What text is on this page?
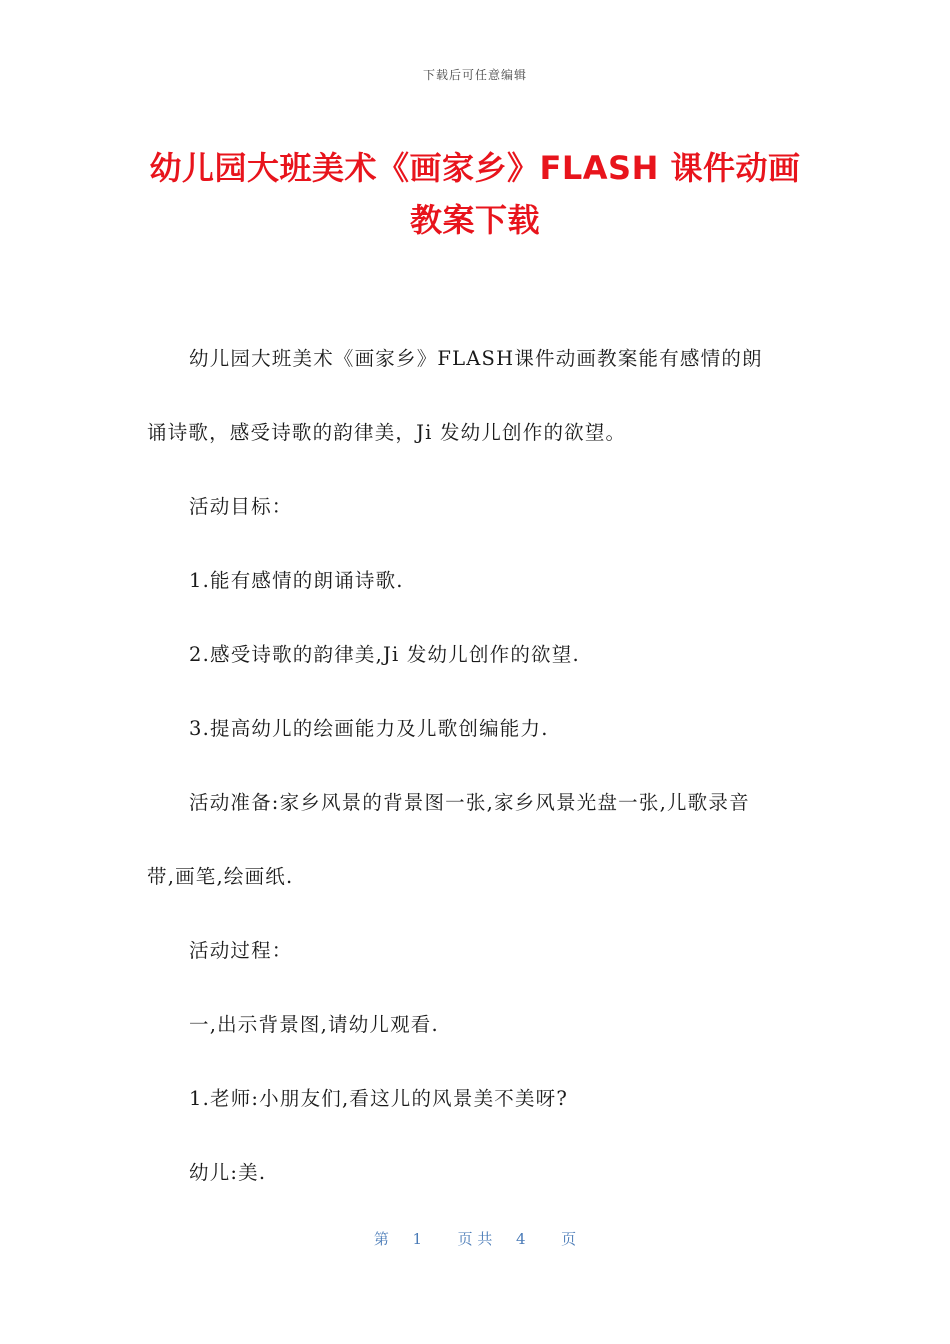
下载后可任意编辑
幼儿园大班美术《画家乡》FLASH 课件动画
教案下载

幼儿园大班美术《画家乡》FLASH课件动画教案能有感情的朗

诵诗歌，感受诗歌的韵律美，Ji 发幼儿创作的欲望。

活动目标：

1.能有感情的朗诵诗歌.

2.感受诗歌的韵律美,Ji 发幼儿创作的欲望.

3.提高幼儿的绘画能力及儿歌创编能力.

活动准备:家乡风景的背景图一张,家乡风景光盘一张,儿歌录音

带,画笔,绘画纸.

活动过程：

一,出示背景图,请幼儿观看.

1.老师:小朋友们,看这儿的风景美不美呀?

幼儿:美.

第 1 页 共 4 页
